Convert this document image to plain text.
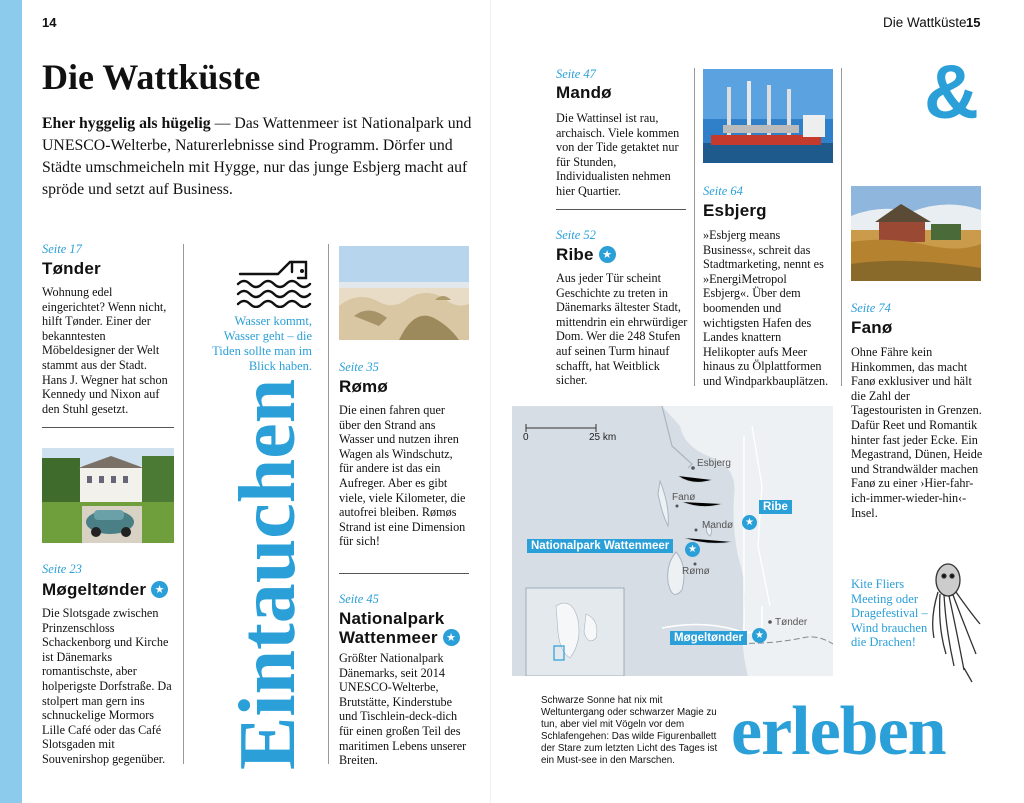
14	Die Wattküste 15
Die Wattküste
Eher hyggelig als hügelig — Das Wattenmeer ist Nationalpark und UNESCO-Welterbe, Naturerlebnisse sind Programm. Dörfer und Städte umschmeicheln mit Hygge, nur das junge Esbjerg macht auf spröde und setzt auf Business.
Seite 17
Tønder
Wohnung edel eingerichtet? Wenn nicht, hilft Tønder. Einer der bekanntesten Möbeldesigner der Welt stammt aus der Stadt. Hans J. Wegner hat schon Kennedy und Nixon auf den Stuhl gesetzt.
Seite 23
Møgeltønder ★
Die Slotsgade zwischen Prinzenschloss Schackenborg und Kirche ist Dänemarks romantischste, aber holperigste Dorfstraße. Da stolpert man gern ins schnuckelige Mormors Lille Café oder das Café Slotsgaden mit Souvenirshop gegenüber.
Wasser kommt, Wasser geht – die Tiden sollte man im Blick haben.
Eintauchen
Seite 35
Rømø
Die einen fahren quer über den Strand ans Wasser und nutzen ihren Wagen als Windschutz, für andere ist das ein Aufreger. Aber es gibt viele, viele Kilometer, die autofrei bleiben. Rømøs Strand ist eine Dimension für sich!
Seite 45
Nationalpark Wattenmeer ★
Größter Nationalpark Dänemarks, seit 2014 UNESCO-Welterbe, Brutstätte, Kinderstube und Tischlein-deck-dich für einen großen Teil des maritimen Lebens unserer Breiten.
Seite 47
Mandø
Die Wattinsel ist rau, archaisch. Viele kommen von der Tide getaktet nur für Stunden, Individualisten nehmen hier Quartier.
Seite 52
Ribe ★
Aus jeder Tür scheint Geschichte zu treten in Dänemarks ältester Stadt, mittendrin ein ehrwürdiger Dom. Wer die 248 Stufen auf seinen Turm hinauf schafft, hat Weitblick sicher.
Seite 64
Esbjerg
»Esbjerg means Business«, schreit das Stadtmarketing, nennt es »EnergiMetropol Esbjerg«. Über dem boomenden und wichtigsten Hafen des Landes knattern Helikopter aufs Meer hinaus zu Ölplattformen und Windparkbauplätzen.
&
Seite 74
Fanø
Ohne Fähre kein Hinkommen, das macht Fanø exklusiver und hält die Zahl der Tagestouristen in Grenzen. Dafür Reet und Romantik hinter fast jeder Ecke. Ein Megastrand, Dünen, Heide und Strandwälder machen Fanø zu einer ›Hier-fahr-ich-immer-wieder-hin‹-Insel.
Kite Fliers Meeting oder Dragefestival – Wind brauchen die Drachen!
0	25 km
Esbjerg
Fanø
Mandø
Rømø
Tønder
★
Ribe
Nationalpark Wattenmeer	★
Møgeltønder	★
Schwarze Sonne hat nix mit Weltuntergang oder schwarzer Magie zu tun, aber viel mit Vögeln vor dem Schlafengehen: Das wilde Figurenballett der Stare zum letzten Licht des Tages ist ein Must-see in den Marschen. erleben
